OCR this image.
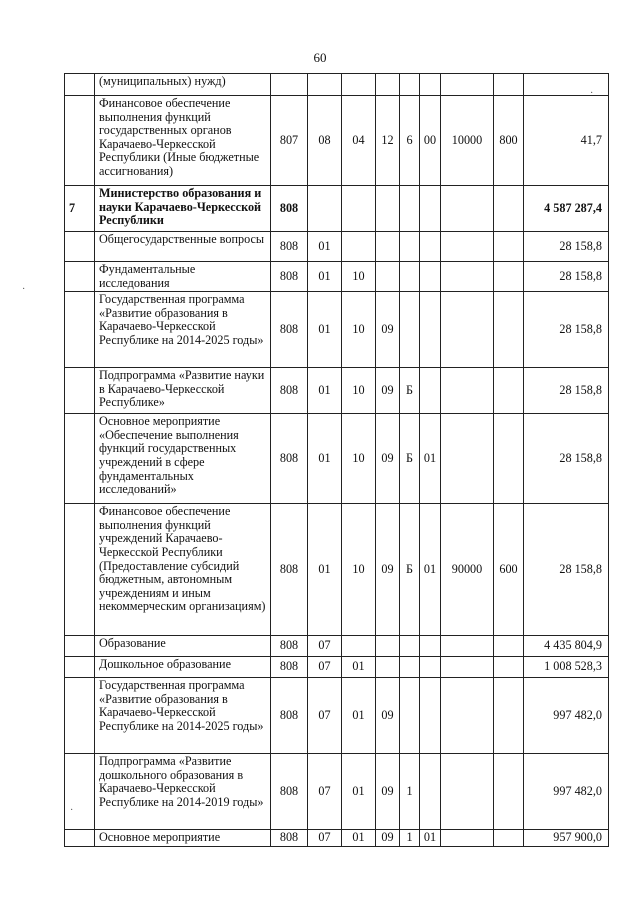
60
	(муниципальных) нужд)									
	Финансовое обеспечение выполнения функций государственных органов Карачаево-Черкесской Республики (Иные бюджетные ассигнования)	807	08	04	12	6	00	10000	800	41,7
7	Министерство образования и науки Карачаево-Черкесской Республики	808								4 587 287,4
	Общегосударственные вопросы	808	01							28 158,8
	Фундаментальные исследования	808	01	10						28 158,8
	Государственная программа «Развитие образования в Карачаево-Черкесской Республике на 2014-2025 годы»	808	01	10	09					28 158,8
	Подпрограмма «Развитие науки в Карачаево-Черкесской Республике»	808	01	10	09	Б				28 158,8
	Основное мероприятие «Обеспечение выполнения функций государственных учреждений в сфере фундаментальных исследований»	808	01	10	09	Б	01			28 158,8
	Финансовое обеспечение выполнения функций учреждений Карачаево-Черкесской Республики (Предоставление субсидий бюджетным, автономным учреждениям и иным некоммерческим организациям)	808	01	10	09	Б	01	90000	600	28 158,8
	Образование	808	07							4 435 804,9
	Дошкольное образование	808	07	01						1 008 528,3
	Государственная программа «Развитие образования в Карачаево-Черкесской Республике на 2014-2025 годы»	808	07	01	09					997 482,0
	Подпрограмма «Развитие дошкольного образования в Карачаево-Черкесской Республике на 2014-2019 годы»	808	07	01	09	1				997 482,0
	Основное мероприятие	808	07	01	09	1	01			957 900,0
·
·
·
